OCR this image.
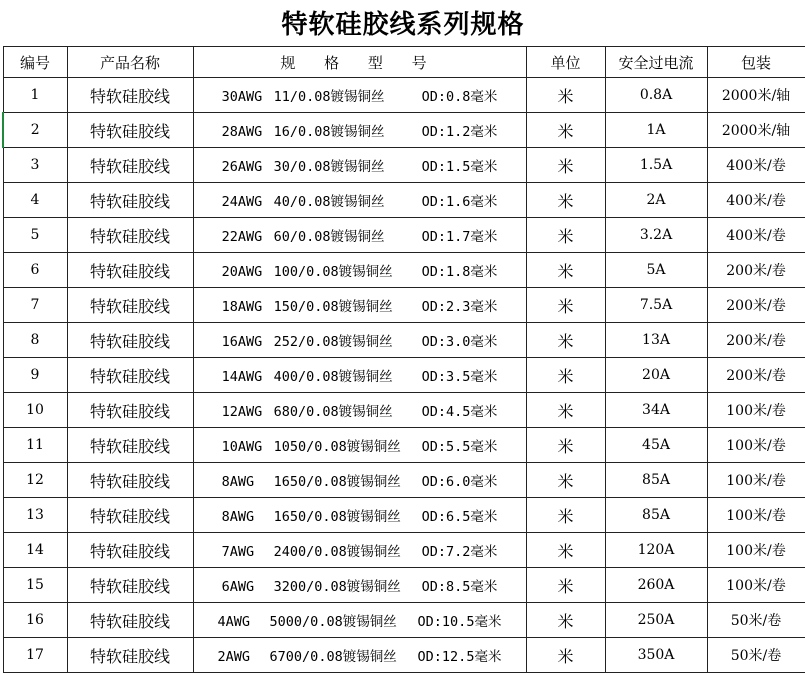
特软硅胶线系列规格
编号	产品名称	规 格 型 号	单位	安全过电流	包装
1	特软硅胶线	30AWG 11/0.08镀锡铜丝 OD:0.8毫米	米	0.8A	2000米/轴
2	特软硅胶线	28AWG 16/0.08镀锡铜丝 OD:1.2毫米	米	1A	2000米/轴
3	特软硅胶线	26AWG 30/0.08镀锡铜丝 OD:1.5毫米	米	1.5A	400米/卷
4	特软硅胶线	24AWG 40/0.08镀锡铜丝 OD:1.6毫米	米	2A	400米/卷
5	特软硅胶线	22AWG 60/0.08镀锡铜丝 OD:1.7毫米	米	3.2A	400米/卷
6	特软硅胶线	20AWG 100/0.08镀锡铜丝 OD:1.8毫米	米	5A	200米/卷
7	特软硅胶线	18AWG 150/0.08镀锡铜丝 OD:2.3毫米	米	7.5A	200米/卷
8	特软硅胶线	16AWG 252/0.08镀锡铜丝 OD:3.0毫米	米	13A	200米/卷
9	特软硅胶线	14AWG 400/0.08镀锡铜丝 OD:3.5毫米	米	20A	200米/卷
10	特软硅胶线	12AWG 680/0.08镀锡铜丝 OD:4.5毫米	米	34A	100米/卷
11	特软硅胶线	10AWG 1050/0.08镀锡铜丝 OD:5.5毫米	米	45A	100米/卷
12	特软硅胶线	8AWG 1650/0.08镀锡铜丝 OD:6.0毫米	米	85A	100米/卷
13	特软硅胶线	8AWG 1650/0.08镀锡铜丝 OD:6.5毫米	米	85A	100米/卷
14	特软硅胶线	7AWG 2400/0.08镀锡铜丝 OD:7.2毫米	米	120A	100米/卷
15	特软硅胶线	6AWG 3200/0.08镀锡铜丝 OD:8.5毫米	米	260A	100米/卷
16	特软硅胶线	4AWG 5000/0.08镀锡铜丝 OD:10.5毫米	米	250A	50米/卷
17	特软硅胶线	2AWG 6700/0.08镀锡铜丝 OD:12.5毫米	米	350A	50米/卷
